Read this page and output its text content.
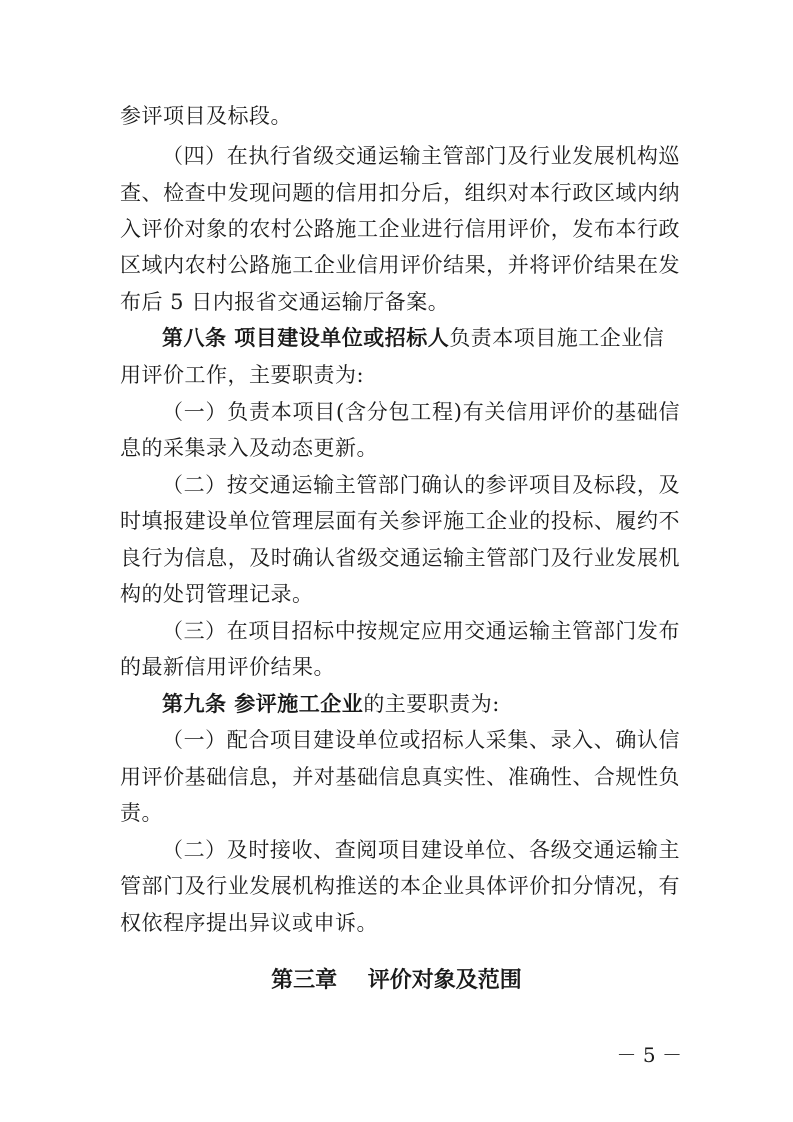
参评项目及标段。
（四）在执行省级交通运输主管部门及行业发展机构巡
查、检查中发现问题的信用扣分后，组织对本行政区域内纳
入评价对象的农村公路施工企业进行信用评价，发布本行政
区域内农村公路施工企业信用评价结果，并将评价结果在发
布后 5 日内报省交通运输厅备案。
第八条 项目建设单位或招标人负责本项目施工企业信
用评价工作，主要职责为:
（一）负责本项目(含分包工程)有关信用评价的基础信
息的采集录入及动态更新。
（二）按交通运输主管部门确认的参评项目及标段，及
时填报建设单位管理层面有关参评施工企业的投标、履约不
良行为信息，及时确认省级交通运输主管部门及行业发展机
构的处罚管理记录。
（三）在项目招标中按规定应用交通运输主管部门发布
的最新信用评价结果。
第九条 参评施工企业的主要职责为:
（一）配合项目建设单位或招标人采集、录入、确认信
用评价基础信息，并对基础信息真实性、准确性、合规性负
责。
（二）及时接收、查阅项目建设单位、各级交通运输主
管部门及行业发展机构推送的本企业具体评价扣分情况，有
权依程序提出异议或申诉。
第三章    评价对象及范围
－ 5 －
